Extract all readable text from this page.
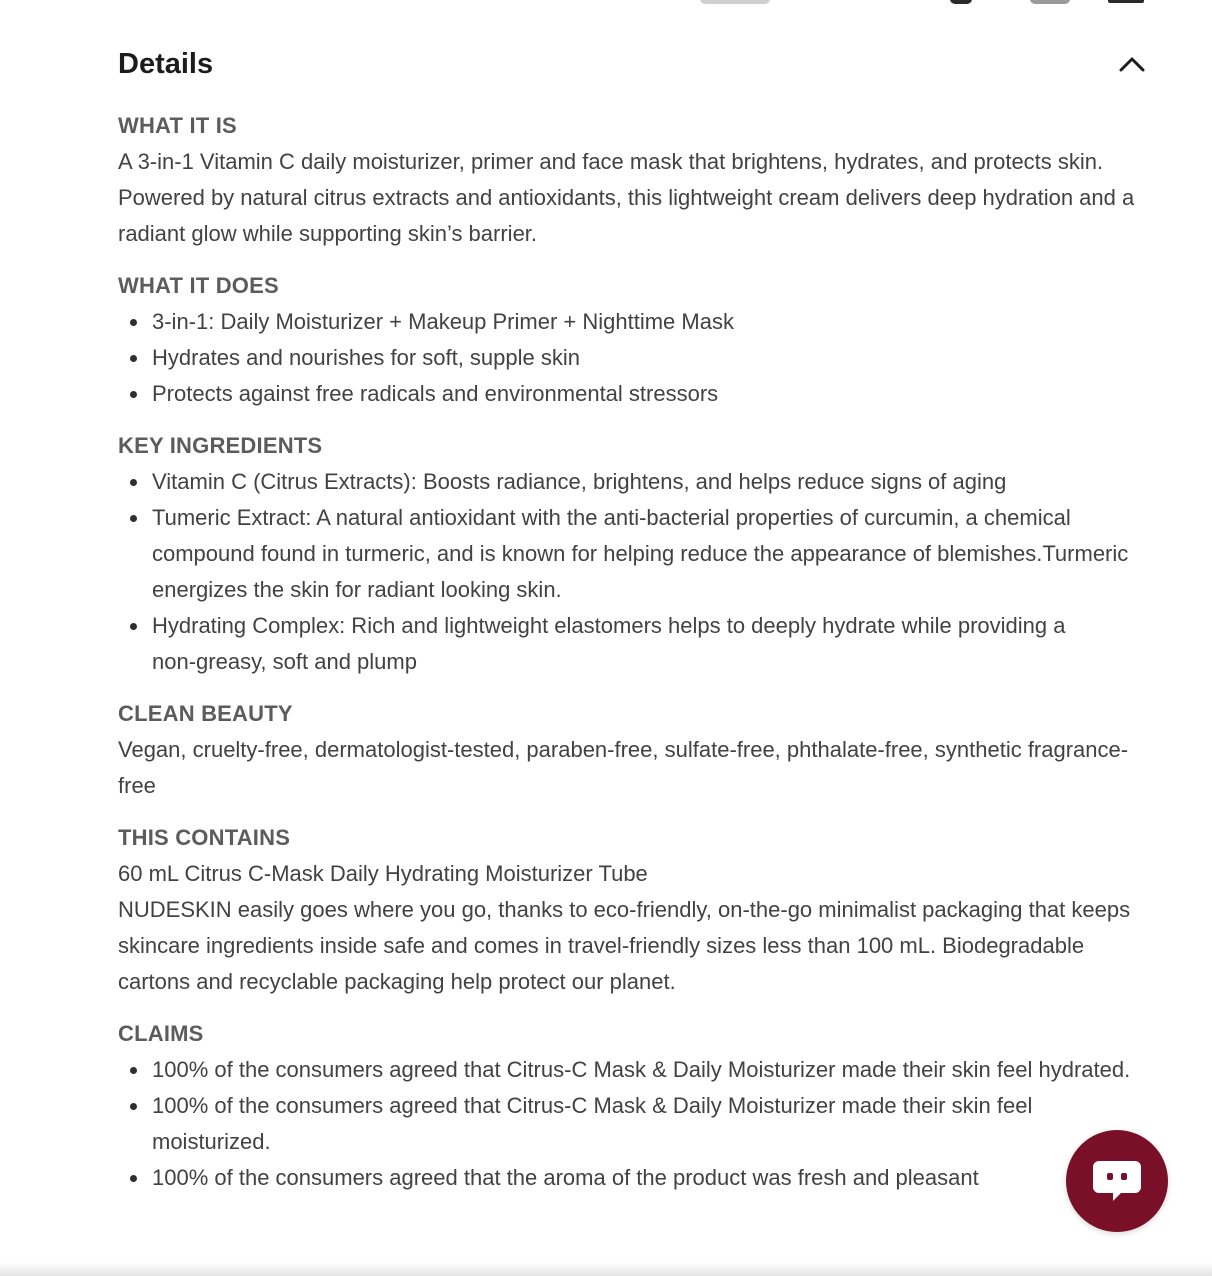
Details
WHAT IT IS

A 3-in-1 Vitamin C daily moisturizer, primer and face mask that brightens, hydrates, and protects skin. Powered by natural citrus extracts and antioxidants, this lightweight cream delivers deep hydration and a radiant glow while supporting skin’s barrier.

WHAT IT DOES
3-in-1: Daily Moisturizer + Makeup Primer + Nighttime Mask
Hydrates and nourishes for soft, supple skin
Protects against free radicals and environmental stressors
KEY INGREDIENTS
Vitamin C (Citrus Extracts): Boosts radiance, brightens, and helps reduce signs of aging
Tumeric Extract: A natural antioxidant with the anti-bacterial properties of curcumin, a chemical compound found in turmeric, and is known for helping reduce the appearance of blemishes.Turmeric energizes the skin for radiant looking skin.
Hydrating Complex: Rich and lightweight elastomers helps to deeply hydrate while providing a non-greasy, soft and plump
CLEAN BEAUTY

Vegan, cruelty-free, dermatologist-tested, paraben-free, sulfate-free, phthalate-free, synthetic fragrance-free

THIS CONTAINS

60 mL Citrus C-Mask Daily Hydrating Moisturizer Tube

NUDESKIN easily goes where you go, thanks to eco-friendly, on-the-go minimalist packaging that keeps skincare ingredients inside safe and comes in travel-friendly sizes less than 100 mL. Biodegradable cartons and recyclable packaging help protect our planet.

CLAIMS
100% of the consumers agreed that Citrus-C Mask & Daily Moisturizer made their skin feel hydrated.
100% of the consumers agreed that Citrus-C Mask & Daily Moisturizer made their skin feel moisturized.
100% of the consumers agreed that the aroma of the product was fresh and pleasant
